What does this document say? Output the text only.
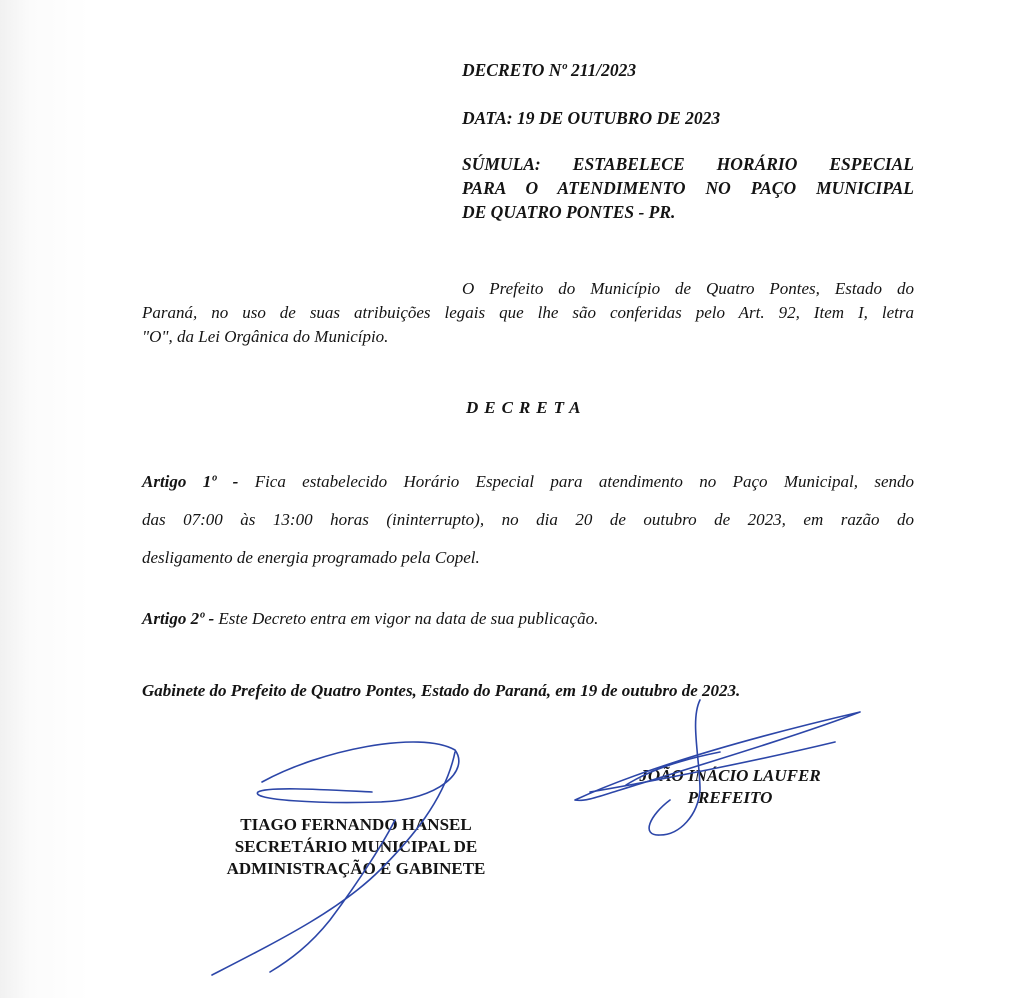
DECRETO Nº 211/2023
DATA: 19 DE OUTUBRO DE 2023
SÚMULA: ESTABELECE HORÁRIO ESPECIAL
PARA O ATENDIMENTO NO PAÇO MUNICIPAL
DE QUATRO PONTES - PR.
O Prefeito do Município de Quatro Pontes, Estado do
Paraná, no uso de suas atribuições legais que lhe são conferidas pelo Art. 92, Item I, letra
"O", da Lei Orgânica do Município.
DECRETA
Artigo 1º - Fica estabelecido Horário Especial para atendimento no Paço Municipal, sendo
das 07:00 às 13:00 horas (ininterrupto), no dia 20 de outubro de 2023, em razão do
desligamento de energia programado pela Copel.
Artigo 2º - Este Decreto entra em vigor na data de sua publicação.
Gabinete do Prefeito de Quatro Pontes, Estado do Paraná, em 19 de outubro de 2023.
TIAGO FERNANDO HANSEL
SECRETÁRIO MUNICIPAL DE
ADMINISTRAÇÃO E GABINETE
JOÃO INÁCIO LAUFER
PREFEITO
